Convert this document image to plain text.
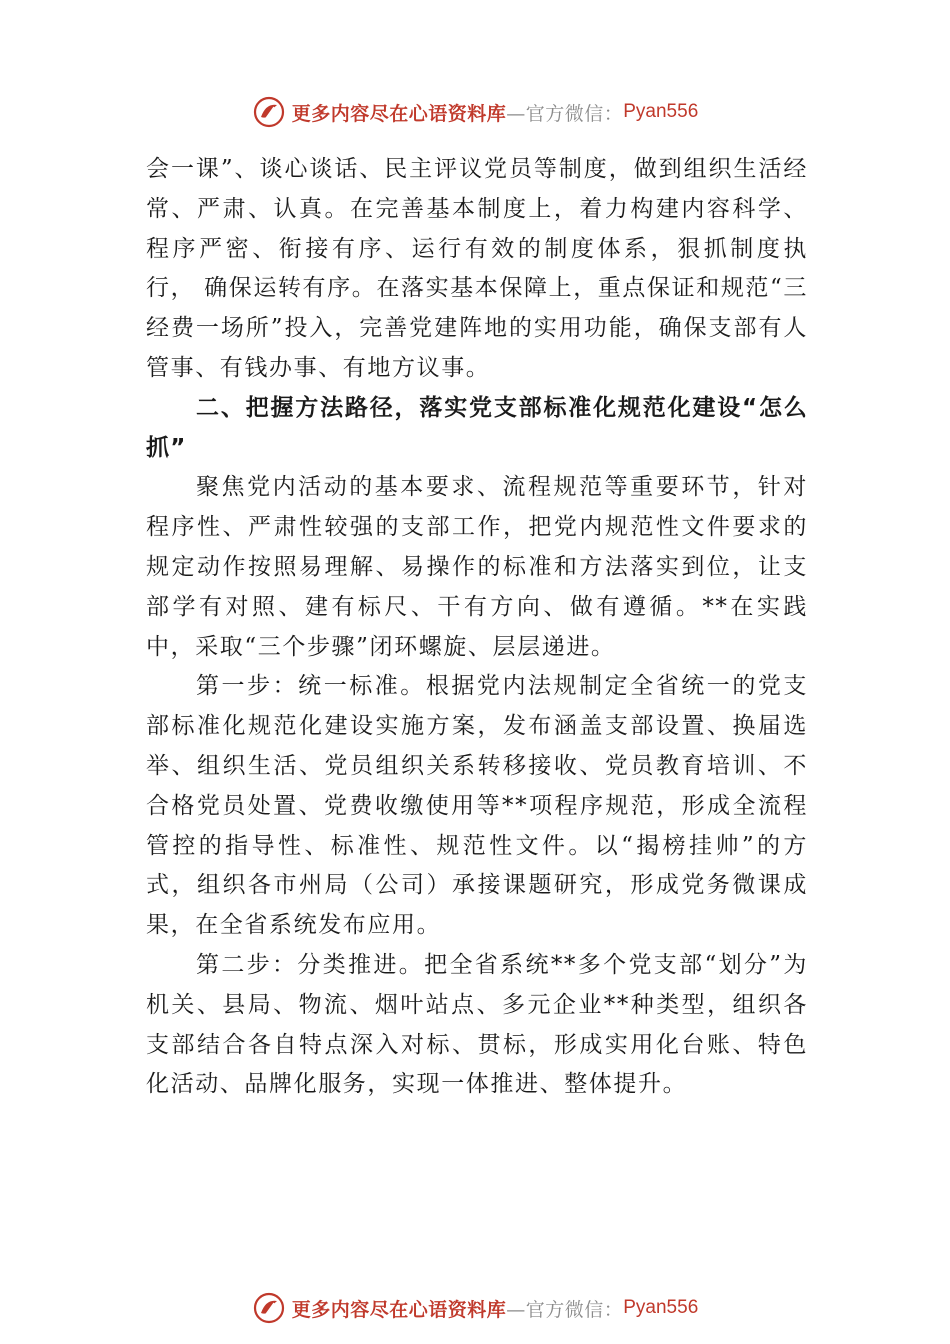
更多内容尽在心语资料库 —官方微信： Pyan556

会一课”、谈心谈话、民主评议党员等制度，做到组织生活经常、严肃、认真。在完善基本制度上，着力构建内容科学、程序严密、衔接有序、运行有效的制度体系，狠抓制度执行， 确保运转有序。在落实基本保障上，重点保证和规范“三经费一场所”投入，完善党建阵地的实用功能，确保支部有人管事、有钱办事、有地方议事。

二、把握方法路径，落实党支部标准化规范化建设“怎么抓”

聚焦党内活动的基本要求、流程规范等重要环节，针对程序性、严肃性较强的支部工作，把党内规范性文件要求的规定动作按照易理解、易操作的标准和方法落实到位，让支部学有对照、建有标尺、干有方向、做有遵循。**在实践中，采取“三个步骤”闭环螺旋、层层递进。

第一步：统一标准。根据党内法规制定全省统一的党支部标准化规范化建设实施方案，发布涵盖支部设置、换届选举、组织生活、党员组织关系转移接收、党员教育培训、不合格党员处置、党费收缴使用等**项程序规范，形成全流程管控的指导性、标准性、规范性文件。以“揭榜挂帅”的方式，组织各市州局（公司）承接课题研究，形成党务微课成果，在全省系统发布应用。

第二步：分类推进。把全省系统**多个党支部“划分”为机关、县局、物流、烟叶站点、多元企业**种类型，组织各支部结合各自特点深入对标、贯标，形成实用化台账、特色化活动、品牌化服务，实现一体推进、整体提升。

更多内容尽在心语资料库 —官方微信： Pyan556
